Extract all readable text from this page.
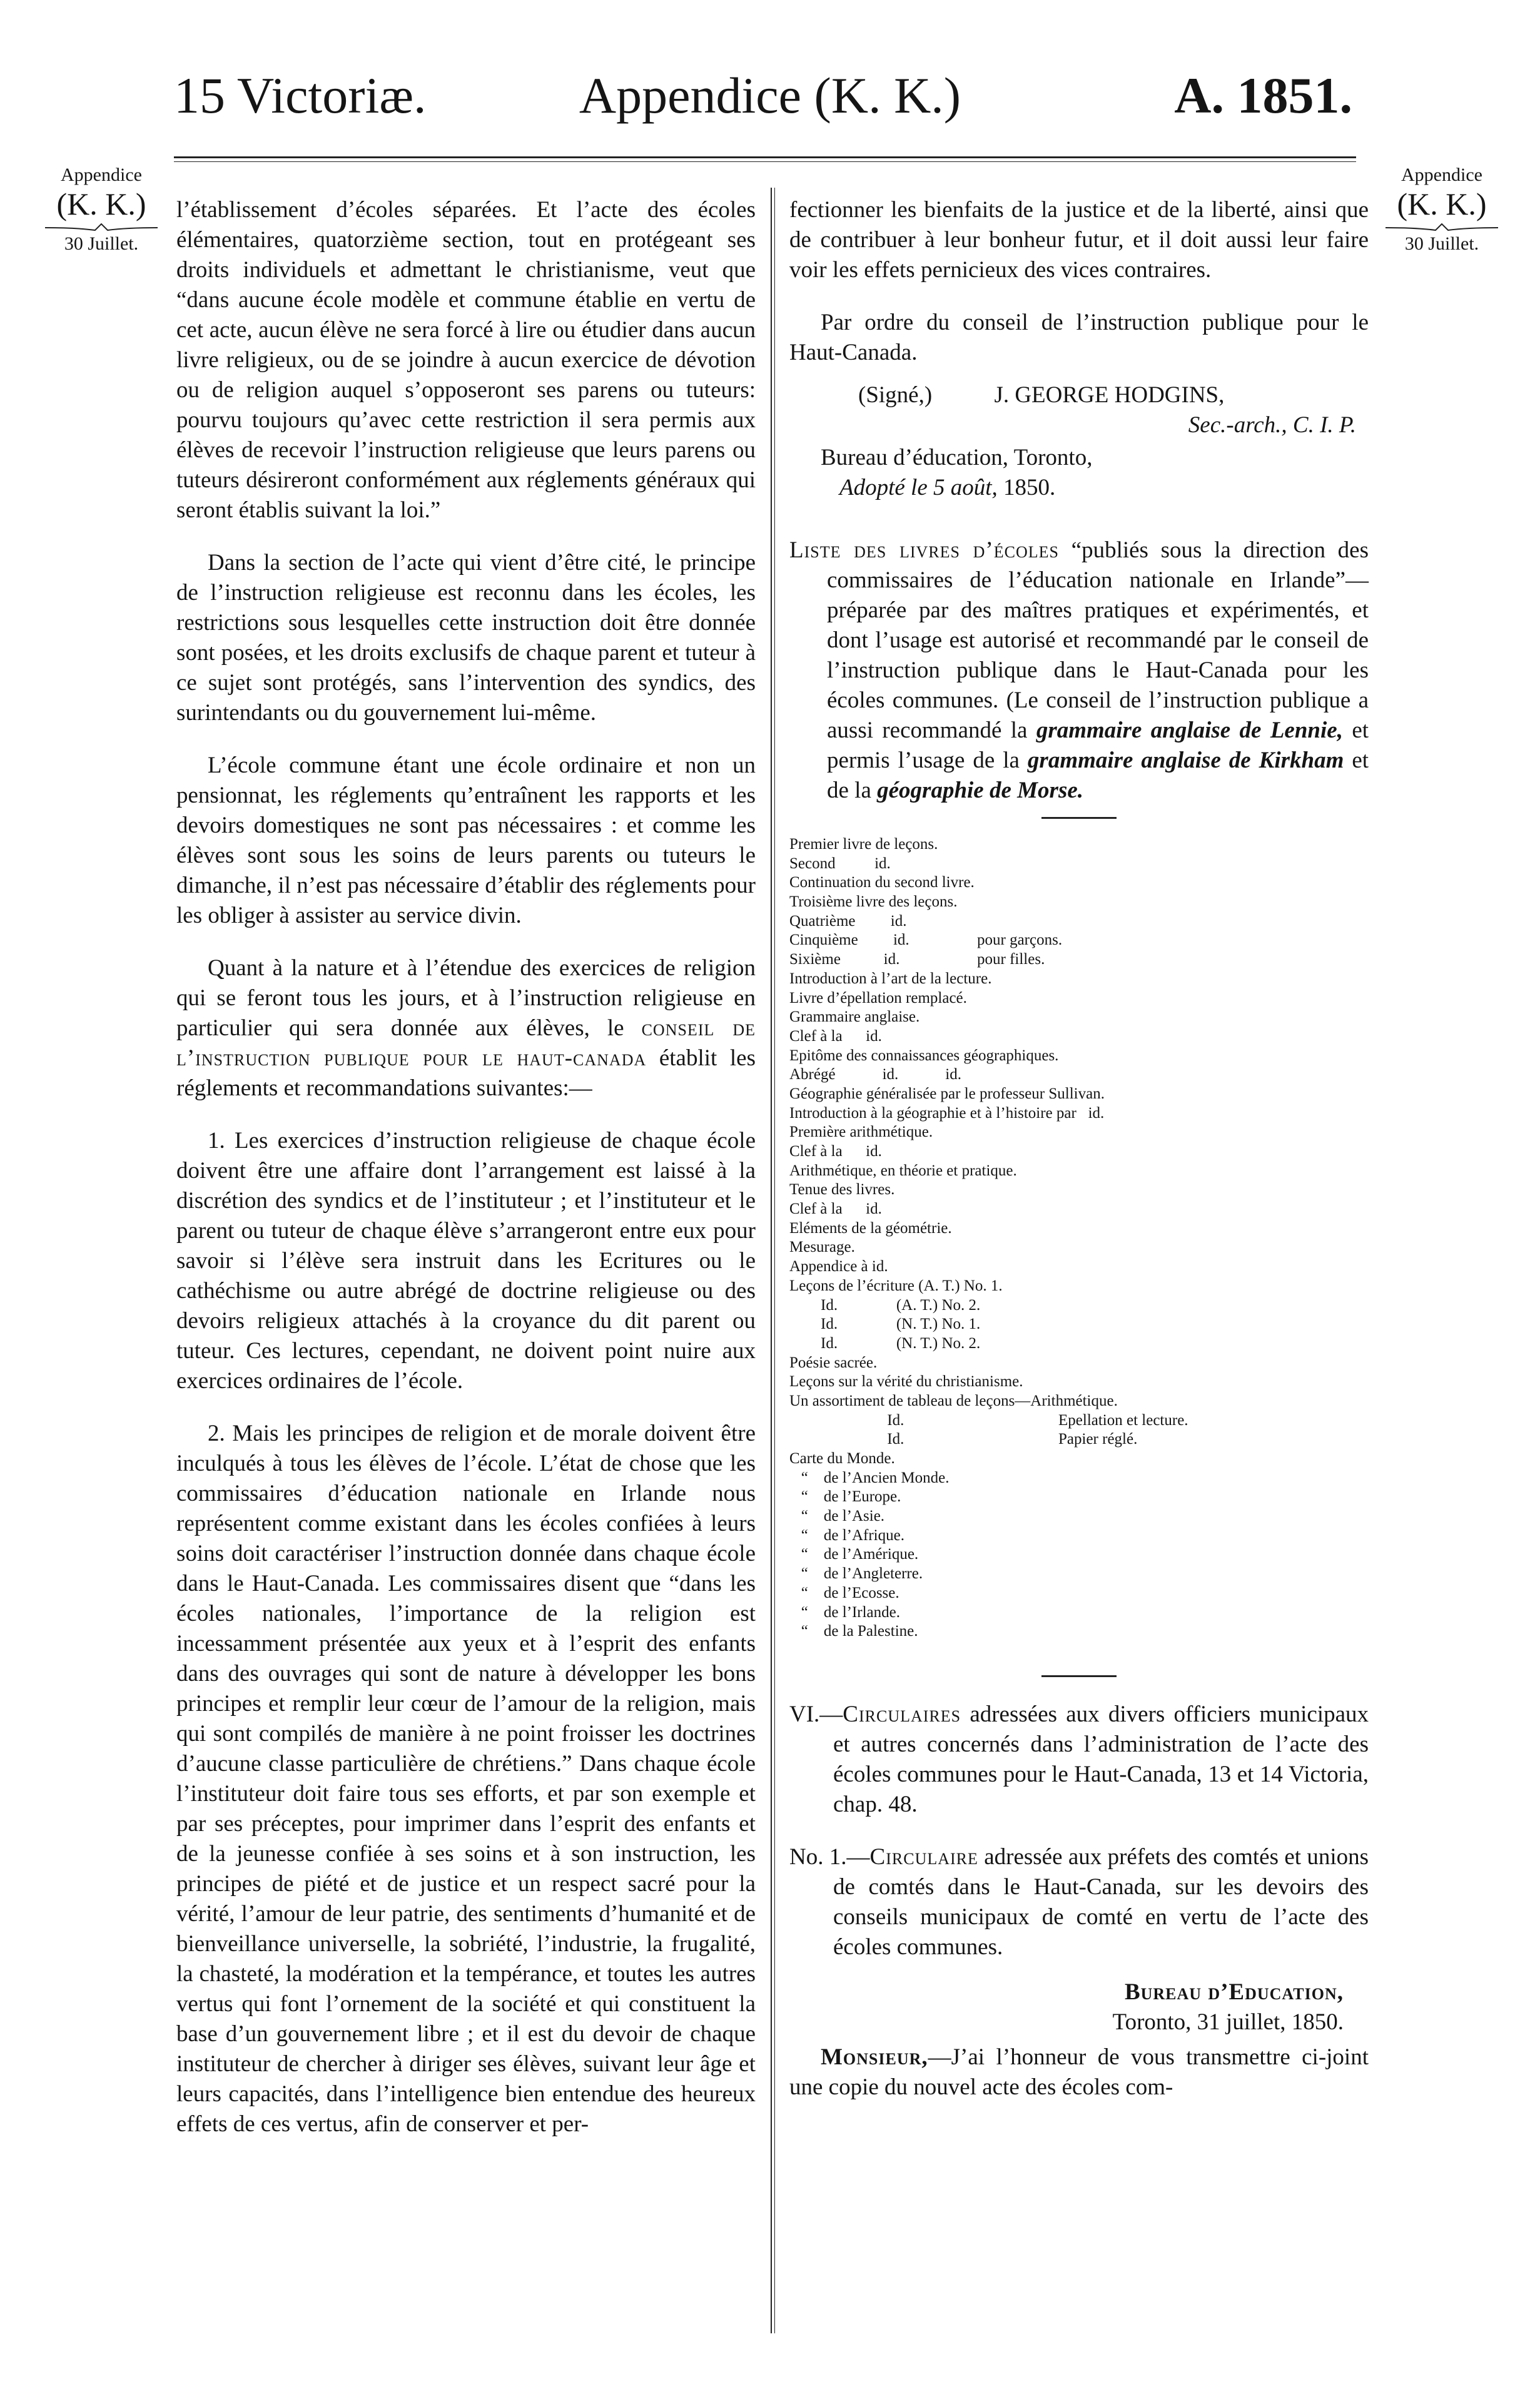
15 Victoriæ.	Appendice (K. K.)	A. 1851.
Appendice
(K. K.)
30 Juillet.
Appendice
(K. K.)
30 Juillet.

l’établissement d’écoles séparées. Et l’acte des écoles élémentaires, quatorzième section, tout en protégeant ses droits individuels et admettant le christianisme, veut que “dans aucune école modèle et commune établie en vertu de cet acte, aucun élève ne sera forcé à lire ou étudier dans aucun livre religieux, ou de se joindre à aucun exercice de dévotion ou de religion auquel s’opposeront ses parens ou tuteurs: pourvu toujours qu’avec cette restriction il sera permis aux élèves de recevoir l’instruction religieuse que leurs parens ou tuteurs désireront conformément aux réglements généraux qui seront établis suivant la loi.”

Dans la section de l’acte qui vient d’être cité, le principe de l’instruction religieuse est reconnu dans les écoles, les restrictions sous lesquelles cette instruction doit être donnée sont posées, et les droits exclusifs de chaque parent et tuteur à ce sujet sont protégés, sans l’intervention des syndics, des surintendants ou du gouvernement lui-même.

L’école commune étant une école ordinaire et non un pensionnat, les réglements qu’entraînent les rapports et les devoirs domestiques ne sont pas nécessaires : et comme les élèves sont sous les soins de leurs parents ou tuteurs le dimanche, il n’est pas nécessaire d’établir des réglements pour les obliger à assister au service divin.

Quant à la nature et à l’étendue des exercices de religion qui se feront tous les jours, et à l’instruction religieuse en particulier qui sera donnée aux élèves, le conseil de l’instruction publique pour le haut-canada établit les réglements et recommandations suivantes:—

1. Les exercices d’instruction religieuse de chaque école doivent être une affaire dont l’arrangement est laissé à la discrétion des syndics et de l’instituteur ; et l’instituteur et le parent ou tuteur de chaque élève s’arrangeront entre eux pour savoir si l’élève sera instruit dans les Ecritures ou le cathéchisme ou autre abrégé de doctrine religieuse ou des devoirs religieux attachés à la croyance du dit parent ou tuteur. Ces lectures, cependant, ne doivent point nuire aux exercices ordinaires de l’école.

2. Mais les principes de religion et de morale doivent être inculqués à tous les élèves de l’école. L’état de chose que les commissaires d’éducation nationale en Irlande nous représentent comme existant dans les écoles confiées à leurs soins doit caractériser l’instruction donnée dans chaque école dans le Haut-Canada. Les commissaires disent que “dans les écoles nationales, l’importance de la religion est incessamment présentée aux yeux et à l’esprit des enfants dans des ouvrages qui sont de nature à développer les bons principes et remplir leur cœur de l’amour de la religion, mais qui sont compilés de manière à ne point froisser les doctrines d’aucune classe particulière de chrétiens.” Dans chaque école l’instituteur doit faire tous ses efforts, et par son exemple et par ses préceptes, pour imprimer dans l’esprit des enfants et de la jeunesse confiée à ses soins et à son instruction, les principes de piété et de justice et un respect sacré pour la vérité, l’amour de leur patrie, des sentiments d’humanité et de bienveillance universelle, la sobriété, l’industrie, la frugalité, la chasteté, la modération et la tempérance, et toutes les autres vertus qui font l’ornement de la société et qui constituent la base d’un gouvernement libre ; et il est du devoir de chaque instituteur de chercher à diriger ses élèves, suivant leur âge et leurs capacités, dans l’intelligence bien entendue des heureux effets de ces vertus, afin de conserver et per-

fectionner les bienfaits de la justice et de la liberté, ainsi que de contribuer à leur bonheur futur, et il doit aussi leur faire voir les effets pernicieux des vices contraires.

Par ordre du conseil de l’instruction publique pour le Haut-Canada.

(Signé,)	J. GEORGE HODGINS,
Sec.-arch., C. I. P.
Bureau d’éducation, Toronto,
Adopté le 5 août, 1850.

Liste des livres d’écoles “publiés sous la direction des commissaires de l’éducation nationale en Irlande”—préparée par des maîtres pratiques et expérimentés, et dont l’usage est autorisé et recommandé par le conseil de l’instruction publique dans le Haut-Canada pour les écoles communes. (Le conseil de l’instruction publique a aussi recommandé la grammaire anglaise de Lennie, et permis l’usage de la grammaire anglaise de Kirkham et de la géographie de Morse.

Premier livre de leçons.
Second          id.
Continuation du second livre.
Troisième livre des leçons.
Quatrième         id.
Cinquième         id.	pour garçons.
Sixième           id.	pour filles.
Introduction à l’art de la lecture.
Livre d’épellation remplacé.
Grammaire anglaise.
Clef à la      id.
Epitôme des connaissances géographiques.
Abrégé            id.            id.
Géographie généralisée par le professeur Sullivan.
Introduction à la géographie et à l’histoire par   id.
Première arithmétique.
Clef à la      id.
Arithmétique, en théorie et pratique.
Tenue des livres.
Clef à la      id.
Eléments de la géométrie.
Mesurage.
Appendice à id.
Leçons de l’écriture (A. T.) No. 1.
Id.               (A. T.) No. 2.
Id.               (N. T.) No. 1.
Id.               (N. T.) No. 2.
Poésie sacrée.
Leçons sur la vérité du christianisme.
Un assortiment de tableau de leçons—Arithmétique.
Id.	Epellation et lecture.
Id.	Papier réglé.
Carte du Monde.
“    de l’Ancien Monde.
“    de l’Europe.
“    de l’Asie.
“    de l’Afrique.
“    de l’Amérique.
“    de l’Angleterre.
“    de l’Ecosse.
“    de l’Irlande.
“    de la Palestine.

VI.—Circulaires adressées aux divers officiers municipaux et autres concernés dans l’administration de l’acte des écoles communes pour le Haut-Canada, 13 et 14 Victoria, chap. 48.

No. 1.—Circulaire adressée aux préfets des comtés et unions de comtés dans le Haut-Canada, sur les devoirs des conseils municipaux de comté en vertu de l’acte des écoles communes.

Bureau d’Education,
Toronto, 31 juillet, 1850.

Monsieur,—J’ai l’honneur de vous transmettre ci-joint une copie du nouvel acte des écoles com-
